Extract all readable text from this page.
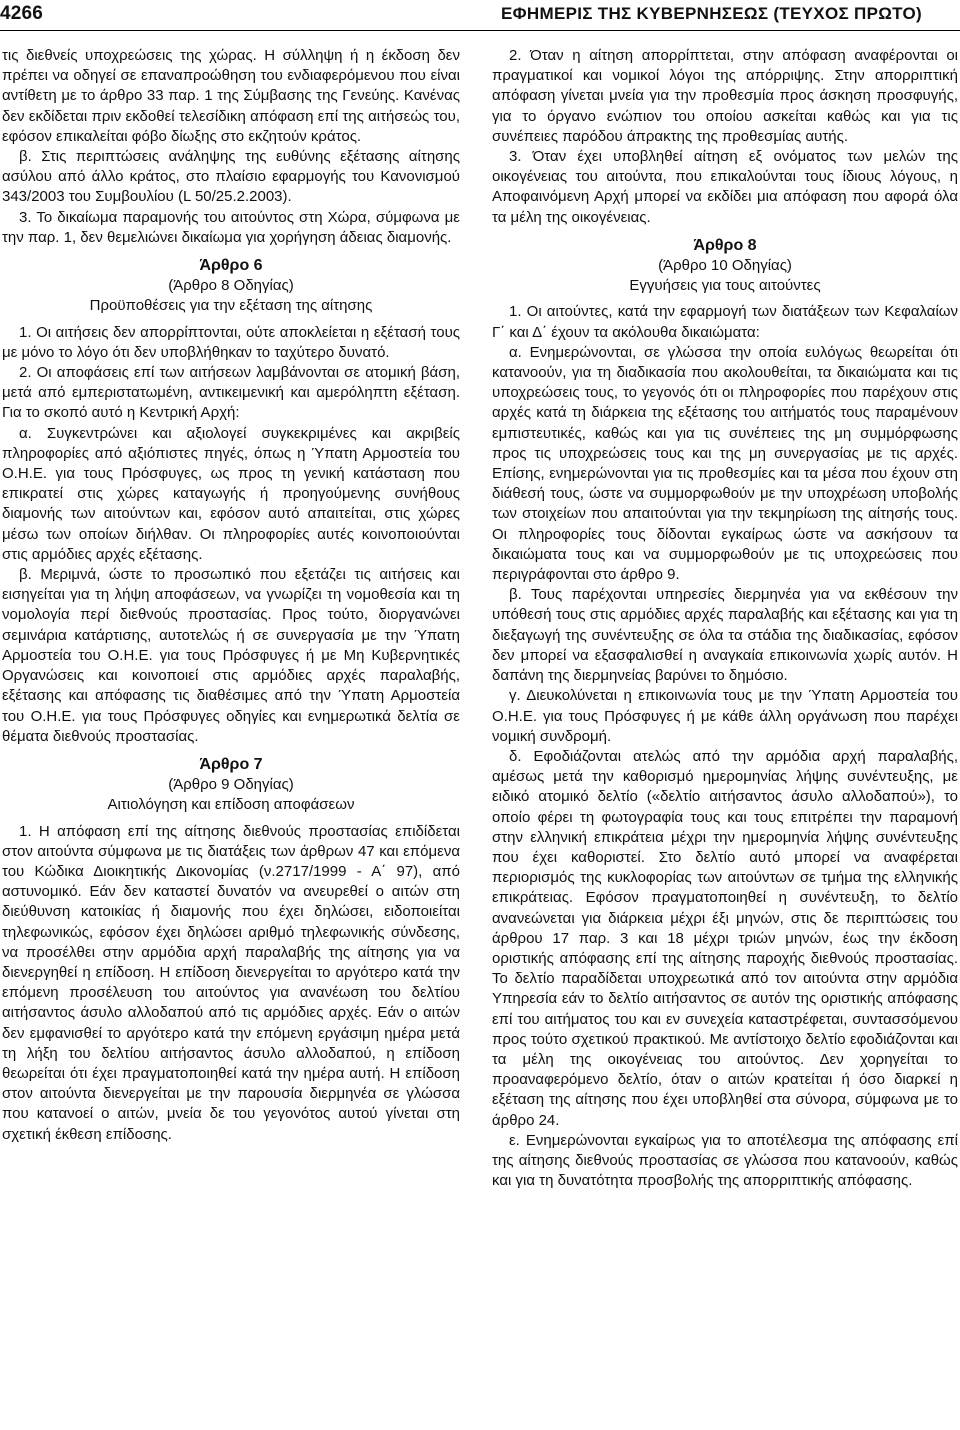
4266	ΕΦΗΜΕΡΙΣ ΤΗΣ ΚΥΒΕΡΝΗΣΕΩΣ (ΤΕΥΧΟΣ ΠΡΩΤΟ)

τις διεθνείς υποχρεώσεις της χώρας. Η σύλληψη ή η έκδοση δεν πρέπει να οδηγεί σε επαναπροώθηση του ενδιαφερόμενου που είναι αντίθετη με το άρθρο 33 παρ. 1 της Σύμβασης της Γενεύης. Κανένας δεν εκδίδεται πριν εκδοθεί τελεσίδικη απόφαση επί της αιτήσεώς του, εφόσον επικαλείται φόβο δίωξης στο εκζητούν κράτος.

β. Στις περιπτώσεις ανάληψης της ευθύνης εξέτασης αίτησης ασύλου από άλλο κράτος, στο πλαίσιο εφαρμογής του Κανονισμού 343/2003 του Συμβουλίου (L 50/25.2.2003).

3. Το δικαίωμα παραμονής του αιτούντος στη Χώρα, σύμφωνα με την παρ. 1, δεν θεμελιώνει δικαίωμα για χορήγηση άδειας διαμονής.

Άρθρο 6

(Άρθρο 8 Οδηγίας)

Προϋποθέσεις για την εξέταση της αίτησης

1. Οι αιτήσεις δεν απορρίπτονται, ούτε αποκλείεται η εξέτασή τους με μόνο το λόγο ότι δεν υποβλήθηκαν το ταχύτερο δυνατό.

2. Οι αποφάσεις επί των αιτήσεων λαμβάνονται σε ατομική βάση, μετά από εμπεριστατωμένη, αντικειμενική και αμερόληπτη εξέταση. Για το σκοπό αυτό η Κεντρική Αρχή:

α. Συγκεντρώνει και αξιολογεί συγκεκριμένες και ακριβείς πληροφορίες από αξιόπιστες πηγές, όπως η Ύπατη Αρμοστεία του Ο.Η.Ε. για τους Πρόσφυγες, ως προς τη γενική κατάσταση που επικρατεί στις χώρες καταγωγής ή προηγούμενης συνήθους διαμονής των αιτούντων και, εφόσον αυτό απαιτείται, στις χώρες μέσω των οποίων διήλθαν. Οι πληροφορίες αυτές κοινοποιούνται στις αρμόδιες αρχές εξέτασης.

β. Μεριμνά, ώστε το προσωπικό που εξετάζει τις αιτήσεις και εισηγείται για τη λήψη αποφάσεων, να γνωρίζει τη νομοθεσία και τη νομολογία περί διεθνούς προστασίας. Προς τούτο, διοργανώνει σεμινάρια κατάρτισης, αυτοτελώς ή σε συνεργασία με την Ύπατη Αρμοστεία του Ο.Η.Ε. για τους Πρόσφυγες ή με Μη Κυβερνητικές Οργανώσεις και κοινοποιεί στις αρμόδιες αρχές παραλαβής, εξέτασης και απόφασης τις διαθέσιμες από την Ύπατη Αρμοστεία του Ο.Η.Ε. για τους Πρόσφυγες οδηγίες και ενημερωτικά δελτία σε θέματα διεθνούς προστασίας.

Άρθρο 7

(Άρθρο 9 Οδηγίας)

Αιτιολόγηση και επίδοση αποφάσεων

1. Η απόφαση επί της αίτησης διεθνούς προστασίας επιδίδεται στον αιτούντα σύμφωνα με τις διατάξεις των άρθρων 47 και επόμενα του Κώδικα Διοικητικής Δικονομίας (ν.2717/1999 - Α΄ 97), από αστυνομικό. Εάν δεν καταστεί δυνατόν να ανευρεθεί ο αιτών στη διεύθυνση κατοικίας ή διαμονής που έχει δηλώσει, ειδοποιείται τηλεφωνικώς, εφόσον έχει δηλώσει αριθμό τηλεφωνικής σύνδεσης, να προσέλθει στην αρμόδια αρχή παραλαβής της αίτησης για να διενεργηθεί η επίδοση. Η επίδοση διενεργείται το αργότερο κατά την επόμενη προσέλευση του αιτούντος για ανανέωση του δελτίου αιτήσαντος άσυλο αλλοδαπού από τις αρμόδιες αρχές. Εάν ο αιτών δεν εμφανισθεί το αργότερο κατά την επόμενη εργάσιμη ημέρα μετά τη λήξη του δελτίου αιτήσαντος άσυλο αλλοδαπού, η επίδοση θεωρείται ότι έχει πραγματοποιηθεί κατά την ημέρα αυτή. Η επίδοση στον αιτούντα διενεργείται με την παρουσία διερμηνέα σε γλώσσα που κατανοεί ο αιτών, μνεία δε του γεγονότος αυτού γίνεται στη σχετική έκθεση επίδοσης.

2. Όταν η αίτηση απορρίπτεται, στην απόφαση αναφέρονται οι πραγματικοί και νομικοί λόγοι της απόρριψης. Στην απορριπτική απόφαση γίνεται μνεία για την προθεσμία προς άσκηση προσφυγής, για το όργανο ενώπιον του οποίου ασκείται καθώς και για τις συνέπειες παρόδου άπρακτης της προθεσμίας αυτής.

3. Όταν έχει υποβληθεί αίτηση εξ ονόματος των μελών της οικογένειας του αιτούντα, που επικαλούνται τους ίδιους λόγους, η Αποφαινόμενη Αρχή μπορεί να εκδίδει μια απόφαση που αφορά όλα τα μέλη της οικογένειας.

Άρθρο 8

(Άρθρο 10 Οδηγίας)

Εγγυήσεις για τους αιτούντες

1. Οι αιτούντες, κατά την εφαρμογή των διατάξεων των Κεφαλαίων Γ΄ και Δ΄ έχουν τα ακόλουθα δικαιώματα:

α. Ενημερώνονται, σε γλώσσα την οποία ευλόγως θεωρείται ότι κατανοούν, για τη διαδικασία που ακολουθείται, τα δικαιώματα και τις υποχρεώσεις τους, το γεγονός ότι οι πληροφορίες που παρέχουν στις αρχές κατά τη διάρκεια της εξέτασης του αιτήματός τους παραμένουν εμπιστευτικές, καθώς και για τις συνέπειες της μη συμμόρφωσης προς τις υποχρεώσεις τους και της μη συνεργασίας με τις αρχές. Επίσης, ενημερώνονται για τις προθεσμίες και τα μέσα που έχουν στη διάθεσή τους, ώστε να συμμορφωθούν με την υποχρέωση υποβολής των στοιχείων που απαιτούνται για την τεκμηρίωση της αίτησής τους. Οι πληροφορίες τους δίδονται εγκαίρως ώστε να ασκήσουν τα δικαιώματα τους και να συμμορφωθούν με τις υποχρεώσεις που περιγράφονται στο άρθρο 9.

β. Τους παρέχονται υπηρεσίες διερμηνέα για να εκθέσουν την υπόθεσή τους στις αρμόδιες αρχές παραλαβής και εξέτασης και για τη διεξαγωγή της συνέντευξης σε όλα τα στάδια της διαδικασίας, εφόσον δεν μπορεί να εξασφαλισθεί η αναγκαία επικοινωνία χωρίς αυτόν. Η δαπάνη της διερμηνείας βαρύνει το δημόσιο.

γ. Διευκολύνεται η επικοινωνία τους με την Ύπατη Αρμοστεία του Ο.Η.Ε. για τους Πρόσφυγες ή με κάθε άλλη οργάνωση που παρέχει νομική συνδρομή.

δ. Εφοδιάζονται ατελώς από την αρμόδια αρχή παραλαβής, αμέσως μετά την καθορισμό ημερομηνίας λήψης συνέντευξης, με ειδικό ατομικό δελτίο («δελτίο αιτήσαντος άσυλο αλλοδαπού»), το οποίο φέρει τη φωτογραφία τους και τους επιτρέπει την παραμονή στην ελληνική επικράτεια μέχρι την ημερομηνία λήψης συνέντευξης που έχει καθοριστεί. Στο δελτίο αυτό μπορεί να αναφέρεται περιορισμός της κυκλοφορίας των αιτούντων σε τμήμα της ελληνικής επικράτειας. Εφόσον πραγματοποιηθεί η συνέντευξη, το δελτίο ανανεώνεται για διάρκεια μέχρι έξι μηνών, στις δε περιπτώσεις του άρθρου 17 παρ. 3 και 18 μέχρι τριών μηνών, έως την έκδοση οριστικής απόφασης επί της αίτησης παροχής διεθνούς προστασίας. Το δελτίο παραδίδεται υποχρεωτικά από τον αιτούντα στην αρμόδια Υπηρεσία εάν το δελτίο αιτήσαντος σε αυτόν της οριστικής απόφασης επί του αιτήματος του και εν συνεχεία καταστρέφεται, συντασσόμενου προς τούτο σχετικού πρακτικού. Με αντίστοιχο δελτίο εφοδιάζονται και τα μέλη της οικογένειας του αιτούντος. Δεν χορηγείται το προαναφερόμενο δελτίο, όταν ο αιτών κρατείται ή όσο διαρκεί η εξέταση της αίτησης που έχει υποβληθεί στα σύνορα, σύμφωνα με το άρθρο 24.

ε. Ενημερώνονται εγκαίρως για το αποτέλεσμα της απόφασης επί της αίτησης διεθνούς προστασίας σε γλώσσα που κατανοούν, καθώς και για τη δυνατότητα προσβολής της απορριπτικής απόφασης.
